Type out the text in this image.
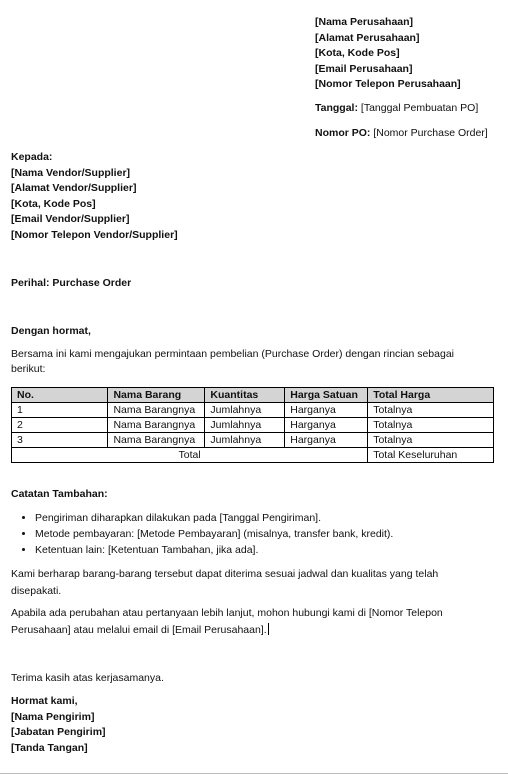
[Nama Perusahaan]
[Alamat Perusahaan]
[Kota, Kode Pos]
[Email Perusahaan]
[Nomor Telepon Perusahaan]
Tanggal: [Tanggal Pembuatan PO]
Nomor PO: [Nomor Purchase Order]
Kepada:
[Nama Vendor/Supplier]
[Alamat Vendor/Supplier]
[Kota, Kode Pos]
[Email Vendor/Supplier]
[Nomor Telepon Vendor/Supplier]
Perihal: Purchase Order
Dengan hormat,
Bersama ini kami mengajukan permintaan pembelian (Purchase Order) dengan rincian sebagai berikut:
No.	Nama Barang	Kuantitas	Harga Satuan	Total Harga
1	Nama Barangnya	Jumlahnya	Harganya	Totalnya
2	Nama Barangnya	Jumlahnya	Harganya	Totalnya
3	Nama Barangnya	Jumlahnya	Harganya	Totalnya
Total				Total Keseluruhan
Catatan Tambahan:
• Pengiriman diharapkan dilakukan pada [Tanggal Pengiriman].
• Metode pembayaran: [Metode Pembayaran] (misalnya, transfer bank, kredit).
• Ketentuan lain: [Ketentuan Tambahan, jika ada].
Kami berharap barang-barang tersebut dapat diterima sesuai jadwal dan kualitas yang telah disepakati.
Apabila ada perubahan atau pertanyaan lebih lanjut, mohon hubungi kami di [Nomor Telepon Perusahaan] atau melalui email di [Email Perusahaan].
Terima kasih atas kerjasamanya.
Hormat kami,
[Nama Pengirim]
[Jabatan Pengirim]
[Tanda Tangan]
